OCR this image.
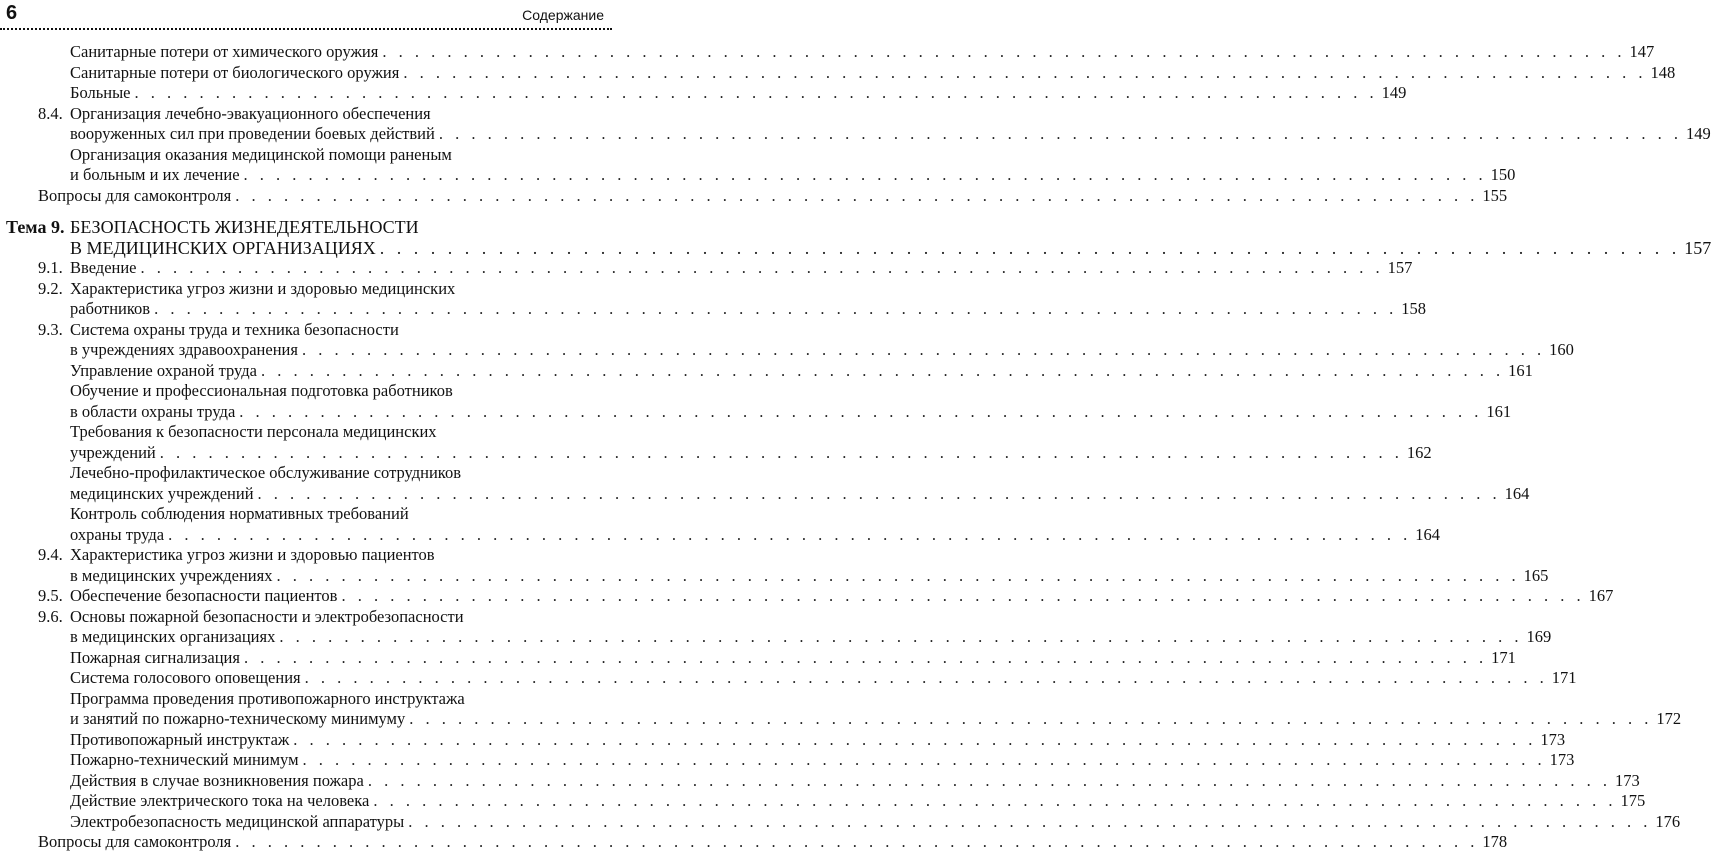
6	Содержание
Санитарные потери от химического оружия . . . . . . . . . . . . . . . . . . . . . . . . . . . . . . . . . . . . . . . . . . . . . . . . . . . . . . . . . . . . . . . . . . . . . . . . . . . . . 147
Санитарные потери от биологического оружия . . . . . . . . . . . . . . . . . . . . . . . . . . . . . . . . . . . . . . . . . . . . . . . . . . . . . . . . . . . . . . . . . . . . . . . . . . . . . 148
Больные . . . . . . . . . . . . . . . . . . . . . . . . . . . . . . . . . . . . . . . . . . . . . . . . . . . . . . . . . . . . . . . . . . . . . . . . . . . . . 149
8.4. Организация лечебно-эвакуационного обеспечения
вооруженных сил при проведении боевых действий . . . . . . . . . . . . . . . . . . . . . . . . . . . . . . . . . . . . . . . . . . . . . . . . . . . . . . . . . . . . . . . . . . . . . . . . . . . . . 149
Организация оказания медицинской помощи раненым
и больным и их лечение . . . . . . . . . . . . . . . . . . . . . . . . . . . . . . . . . . . . . . . . . . . . . . . . . . . . . . . . . . . . . . . . . . . . . . . . . . . . . 150
Вопросы для самоконтроля . . . . . . . . . . . . . . . . . . . . . . . . . . . . . . . . . . . . . . . . . . . . . . . . . . . . . . . . . . . . . . . . . . . . . . . . . . . . . 155
Тема 9. БЕЗОПАСНОСТЬ ЖИЗНЕДЕЯТЕЛЬНОСТИ
В МЕДИЦИНСКИХ ОРГАНИЗАЦИЯХ . . . . . . . . . . . . . . . . . . . . . . . . . . . . . . . . . . . . . . . . . . . . . . . . . . . . . . . . . . . . . . . . . . . . . . . . . . . . . 157
9.1. Введение . . . . . . . . . . . . . . . . . . . . . . . . . . . . . . . . . . . . . . . . . . . . . . . . . . . . . . . . . . . . . . . . . . . . . . . . . . . . . 157
9.2. Характеристика угроз жизни и здоровью медицинских
работников . . . . . . . . . . . . . . . . . . . . . . . . . . . . . . . . . . . . . . . . . . . . . . . . . . . . . . . . . . . . . . . . . . . . . . . . . . . . . 158
9.3. Система охраны труда и техника безопасности
в учреждениях здравоохранения . . . . . . . . . . . . . . . . . . . . . . . . . . . . . . . . . . . . . . . . . . . . . . . . . . . . . . . . . . . . . . . . . . . . . . . . . . . . . 160
Управление охраной труда . . . . . . . . . . . . . . . . . . . . . . . . . . . . . . . . . . . . . . . . . . . . . . . . . . . . . . . . . . . . . . . . . . . . . . . . . . . . . 161
Обучение и профессиональная подготовка работников
в области охраны труда . . . . . . . . . . . . . . . . . . . . . . . . . . . . . . . . . . . . . . . . . . . . . . . . . . . . . . . . . . . . . . . . . . . . . . . . . . . . . 161
Требования к безопасности персонала медицинских
учреждений . . . . . . . . . . . . . . . . . . . . . . . . . . . . . . . . . . . . . . . . . . . . . . . . . . . . . . . . . . . . . . . . . . . . . . . . . . . . . 162
Лечебно-профилактическое обслуживание сотрудников
медицинских учреждений . . . . . . . . . . . . . . . . . . . . . . . . . . . . . . . . . . . . . . . . . . . . . . . . . . . . . . . . . . . . . . . . . . . . . . . . . . . . . 164
Контроль соблюдения нормативных требований
охраны труда . . . . . . . . . . . . . . . . . . . . . . . . . . . . . . . . . . . . . . . . . . . . . . . . . . . . . . . . . . . . . . . . . . . . . . . . . . . . . 164
9.4. Характеристика угроз жизни и здоровью пациентов
в медицинских учреждениях . . . . . . . . . . . . . . . . . . . . . . . . . . . . . . . . . . . . . . . . . . . . . . . . . . . . . . . . . . . . . . . . . . . . . . . . . . . . . 165
9.5. Обеспечение безопасности пациентов . . . . . . . . . . . . . . . . . . . . . . . . . . . . . . . . . . . . . . . . . . . . . . . . . . . . . . . . . . . . . . . . . . . . . . . . . . . . . 167
9.6. Основы пожарной безопасности и электробезопасности
в медицинских организациях . . . . . . . . . . . . . . . . . . . . . . . . . . . . . . . . . . . . . . . . . . . . . . . . . . . . . . . . . . . . . . . . . . . . . . . . . . . . . 169
Пожарная сигнализация . . . . . . . . . . . . . . . . . . . . . . . . . . . . . . . . . . . . . . . . . . . . . . . . . . . . . . . . . . . . . . . . . . . . . . . . . . . . . 171
Система голосового оповещения . . . . . . . . . . . . . . . . . . . . . . . . . . . . . . . . . . . . . . . . . . . . . . . . . . . . . . . . . . . . . . . . . . . . . . . . . . . . . 171
Программа проведения противопожарного инструктажа
и занятий по пожарно-техническому минимуму . . . . . . . . . . . . . . . . . . . . . . . . . . . . . . . . . . . . . . . . . . . . . . . . . . . . . . . . . . . . . . . . . . . . . . . . . . . . . 172
Противопожарный инструктаж . . . . . . . . . . . . . . . . . . . . . . . . . . . . . . . . . . . . . . . . . . . . . . . . . . . . . . . . . . . . . . . . . . . . . . . . . . . . . 173
Пожарно-технический минимум . . . . . . . . . . . . . . . . . . . . . . . . . . . . . . . . . . . . . . . . . . . . . . . . . . . . . . . . . . . . . . . . . . . . . . . . . . . . . 173
Действия в случае возникновения пожара . . . . . . . . . . . . . . . . . . . . . . . . . . . . . . . . . . . . . . . . . . . . . . . . . . . . . . . . . . . . . . . . . . . . . . . . . . . . . 173
Действие электрического тока на человека . . . . . . . . . . . . . . . . . . . . . . . . . . . . . . . . . . . . . . . . . . . . . . . . . . . . . . . . . . . . . . . . . . . . . . . . . . . . . 175
Электробезопасность медицинской аппаратуры . . . . . . . . . . . . . . . . . . . . . . . . . . . . . . . . . . . . . . . . . . . . . . . . . . . . . . . . . . . . . . . . . . . . . . . . . . . . . 176
Вопросы для самоконтроля . . . . . . . . . . . . . . . . . . . . . . . . . . . . . . . . . . . . . . . . . . . . . . . . . . . . . . . . . . . . . . . . . . . . . . . . . . . . . 178
